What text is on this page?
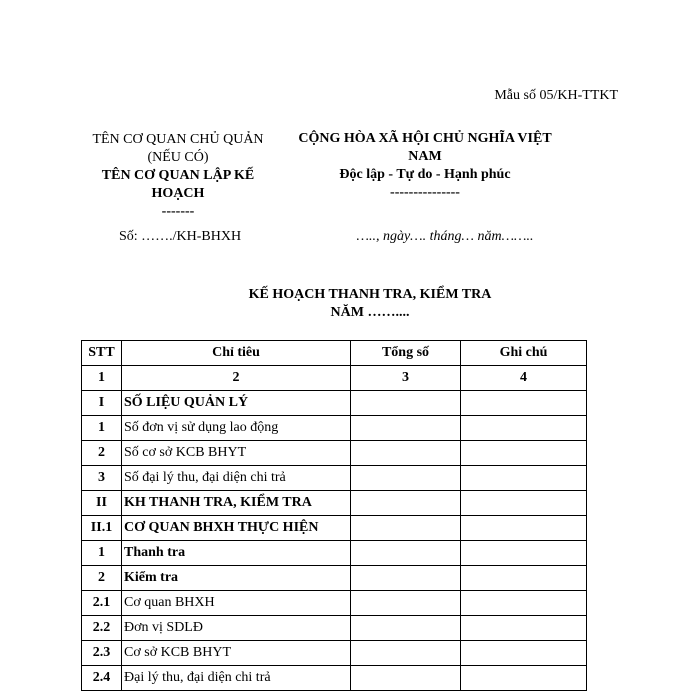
Mẫu số 05/KH-TTKT
TÊN CƠ QUAN CHỦ QUẢN
(NẾU CÓ)
TÊN CƠ QUAN LẬP KẾ
HOẠCH
-------
CỘNG HÒA XÃ HỘI CHỦ NGHĨA VIỆT NAM
Độc lập - Tự do - Hạnh phúc
---------------
Số: ……./KH-BHXH	….., ngày…. tháng… năm……..
KẾ HOẠCH THANH TRA, KIỂM TRA
NĂM ……....
STT	Chỉ tiêu	Tổng số	Ghi chú
1	2	3	4
I	SỐ LIỆU QUẢN LÝ		
1	Số đơn vị sử dụng lao động		
2	Số cơ sở KCB BHYT		
3	Số đại lý thu, đại diện chi trả		
II	KH THANH TRA, KIỂM TRA		
II.1	CƠ QUAN BHXH THỰC HIỆN		
1	Thanh tra		
2	Kiểm tra		
2.1	Cơ quan BHXH		
2.2	Đơn vị SDLĐ		
2.3	Cơ sở KCB BHYT		
2.4	Đại lý thu, đại diện chi trả		
